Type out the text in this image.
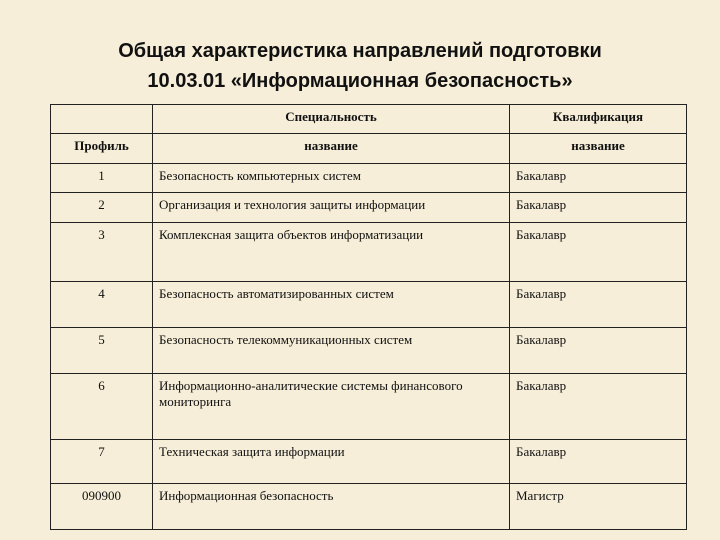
Общая характеристика направлений подготовки
10.03.01 «Информационная безопасность»
	Специальность	Квалификация
Профиль	название	название
1	Безопасность компьютерных систем	Бакалавр
2	Организация и технология защиты информации	Бакалавр
3	Комплексная защита объектов информатизации	Бакалавр
4	Безопасность автоматизированных систем	Бакалавр
5	Безопасность телекоммуникационных систем	Бакалавр
6	Информационно-аналитические системы финансового мониторинга	Бакалавр
7	Техническая защита информации	Бакалавр
090900	Информационная безопасность	Магистр
